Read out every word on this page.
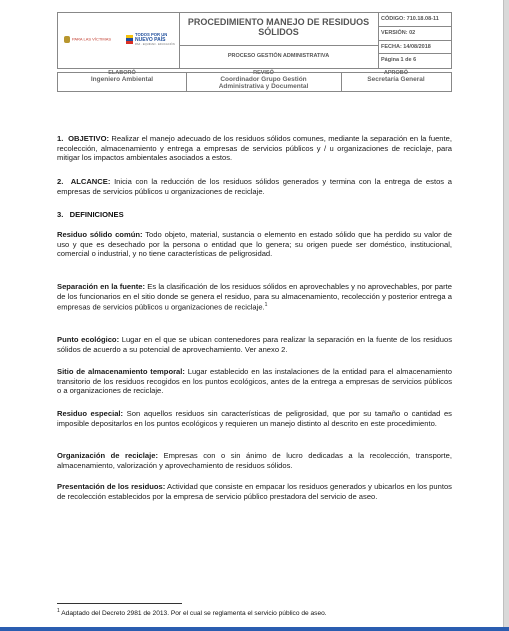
PARA LAS VÍCTIMAS
TODOS POR UN
NUEVO PAÍS
PAZ · EQUIDAD · EDUCACIÓN
PROCEDIMIENTO MANEJO DE RESIDUOS SÓLIDOS
PROCESO GESTIÓN ADMINISTRATIVA
CÓDIGO: 710.18.08-11
VERSIÓN: 02
FECHA: 14/08/2018
Página 1 de 6
ELABORÓ
Ingeniero Ambiental
REVISÓ
Coordinador Grupo Gestión
Administrativa y Documental
APROBÓ
Secretaría General
1. OBJETIVO: Realizar el manejo adecuado de los residuos sólidos comunes, mediante la separación en la fuente, recolección, almacenamiento y entrega a empresas de servicios públicos y / u organizaciones de reciclaje, para mitigar los impactos ambientales asociados a estos.
2. ALCANCE: Inicia con la reducción de los residuos sólidos generados y termina con la entrega de estos a empresas de servicios públicos u organizaciones de reciclaje.
3.   DEFINICIONES
Residuo sólido común: Todo objeto, material, sustancia o elemento en estado sólido que ha perdido su valor de uso y que es desechado por la persona o entidad que lo genera; su origen puede ser doméstico, institucional, comercial o industrial, y no tiene características de peligrosidad.
Separación en la fuente: Es la clasificación de los residuos sólidos en aprovechables y no aprovechables, por parte de los funcionarios en el sitio donde se genera el residuo, para su almacenamiento, recolección y posterior entrega a empresas de servicios públicos u organizaciones de reciclaje.$^1$
Punto ecológico: Lugar en el que se ubican contenedores para realizar la separación en la fuente de los residuos sólidos de acuerdo a su potencial de aprovechamiento. Ver anexo 2.
Sitio de almacenamiento temporal: Lugar establecido en las instalaciones de la entidad para el almacenamiento transitorio de los residuos recogidos en los puntos ecológicos, antes de la entrega a empresas de servicios públicos o a organizaciones de reciclaje.
Residuo especial: Son aquellos residuos sin características de peligrosidad, que por su tamaño o cantidad es imposible depositarlos en los puntos ecológicos y requieren un manejo distinto al descrito en este procedimiento.
Organización de reciclaje: Empresas con o sin ánimo de lucro dedicadas a la recolección, transporte, almacenamiento, valorización y aprovechamiento de residuos sólidos.
Presentación de los residuos: Actividad que consiste en empacar los residuos generados y ubicarlos en los puntos de recolección establecidos por la empresa de servicio público prestadora del servicio de aseo.
$^1$ Adaptado del Decreto 2981 de 2013. Por el cual se reglamenta el servicio público de aseo.
